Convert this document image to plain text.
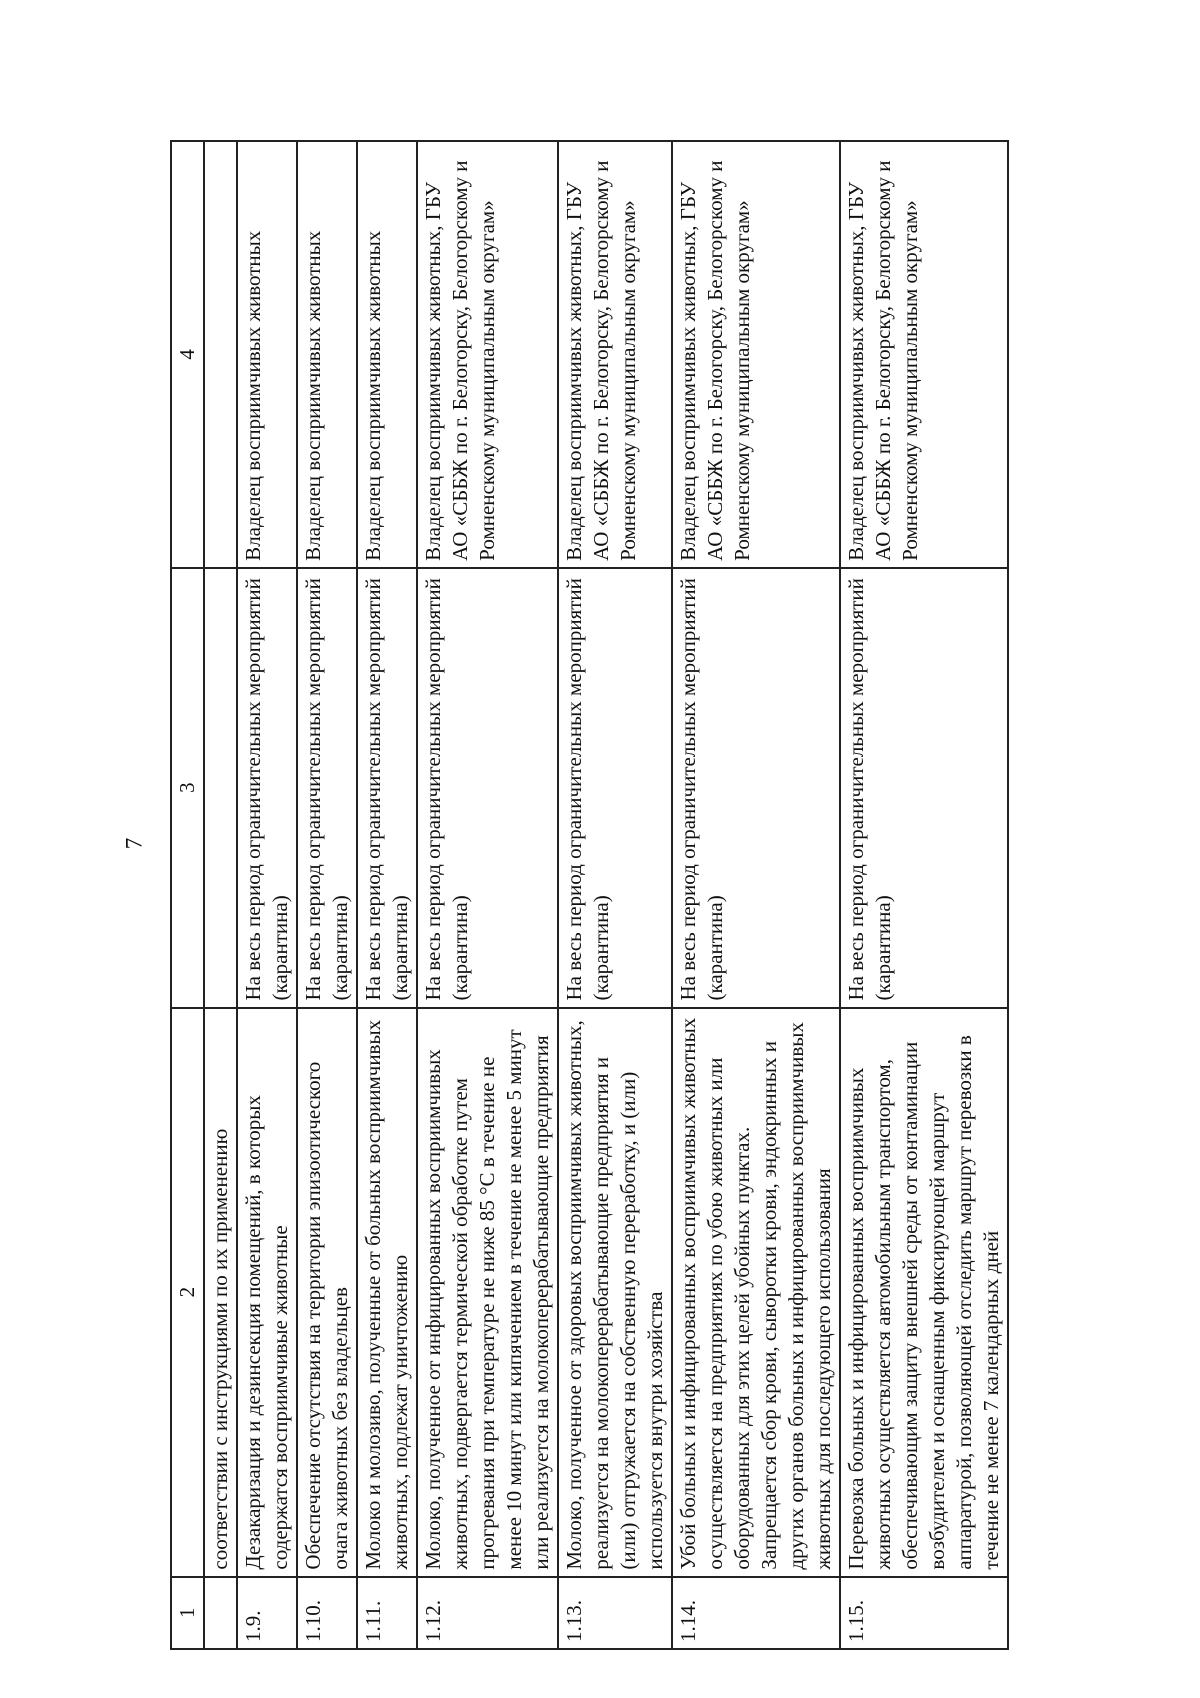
7
1	2	3	4
	соответствии с инструкциями по их применению		
1.9.	Дезакаризация и дезинсекция помещений, в которых содержатся восприимчивые животные	На весь период ограничительных мероприятий (карантина)	Владелец восприимчивых животных
1.10.	Обеспечение отсутствия на территории эпизоотического очага животных без владельцев	На весь период ограничительных мероприятий (карантина)	Владелец восприимчивых животных
1.11.	Молоко и молозиво, полученные от больных восприимчивых животных, подлежат уничтожению	На весь период ограничительных мероприятий (карантина)	Владелец восприимчивых животных
1.12.	Молоко, полученное от инфицированных восприимчивых животных, подвергается термической обработке путем прогревания при температуре не ниже 85 °С в течение не менее 10 минут или кипячением в течение не менее 5 минут или реализуется на молокоперерабатывающие предприятия	На весь период ограничительных мероприятий (карантина)	Владелец восприимчивых животных, ГБУ АО «СББЖ по г. Белогорску, Белогорскому и Ромненскому муниципальным округам»
1.13.	Молоко, полученное от здоровых восприимчивых животных, реализуется на молокоперерабатывающие предприятия и (или) отгружается на собственную переработку, и (или) используется внутри хозяйства	На весь период ограничительных мероприятий (карантина)	Владелец восприимчивых животных, ГБУ АО «СББЖ по г. Белогорску, Белогорскому и Ромненскому муниципальным округам»
1.14.	Убой больных и инфицированных восприимчивых животных осуществляется на предприятиях по убою животных или оборудованных для этих целей убойных пунктах. Запрещается сбор крови, сыворотки крови, эндокринных и других органов больных и инфицированных восприимчивых животных для последующего использования	На весь период ограничительных мероприятий (карантина)	Владелец восприимчивых животных, ГБУ АО «СББЖ по г. Белогорску, Белогорскому и Ромненскому муниципальным округам»
1.15.	Перевозка больных и инфицированных восприимчивых животных осуществляется автомобильным транспортом, обеспечивающим защиту внешней среды от контаминации возбудителем и оснащенным фиксирующей маршрут аппаратурой, позволяющей отследить маршрут перевозки в течение не менее 7 календарных дней	На весь период ограничительных мероприятий (карантина)	Владелец восприимчивых животных, ГБУ АО «СББЖ по г. Белогорску, Белогорскому и Ромненскому муниципальным округам»
